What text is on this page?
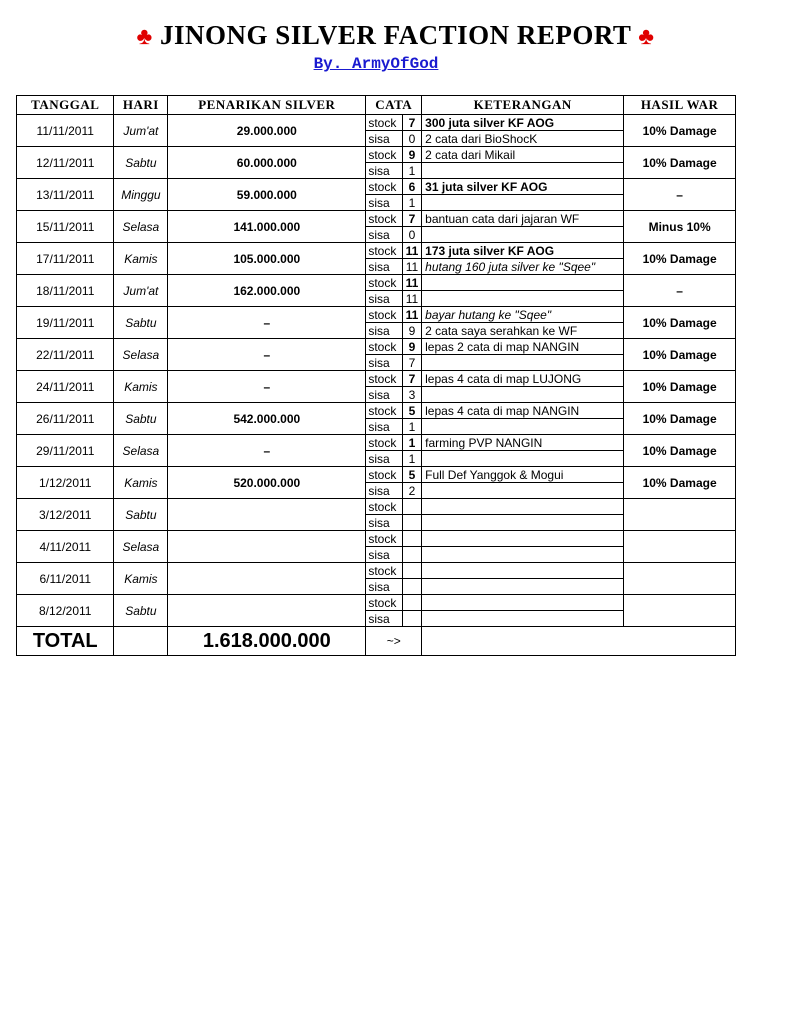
♣ JINONG SILVER FACTION REPORT ♣
By. ArmyOfGod
TANGGAL	HARI	PENARIKAN SILVER	CATA		KETERANGAN	HASIL WAR
11/11/2011	Jum'at	29.000.000	stock	7	300 juta silver KF AOG	10% Damage
			sisa	0	2 cata dari BioShocK	
12/11/2011	Sabtu	60.000.000	stock	9	2 cata dari Mikail	10% Damage
			sisa	1		
13/11/2011	Minggu	59.000.000	stock	6	31 juta silver KF AOG	–
			sisa	1		
15/11/2011	Selasa	141.000.000	stock	7	bantuan cata dari jajaran WF	Minus 10%
			sisa	0		
17/11/2011	Kamis	105.000.000	stock	11	173 juta silver KF AOG	10% Damage
			sisa	11	hutang 160 juta silver ke "Sqee"	
18/11/2011	Jum'at	162.000.000	stock	11		–
			sisa	11		
19/11/2011	Sabtu	–	stock	11	bayar hutang ke "Sqee"	10% Damage
			sisa	9	2 cata saya serahkan ke WF	
22/11/2011	Selasa	–	stock	9	lepas 2 cata di map NANGIN	10% Damage
			sisa	7		
24/11/2011	Kamis	–	stock	7	lepas 4 cata di map LUJONG	10% Damage
			sisa	3		
26/11/2011	Sabtu	542.000.000	stock	5	lepas 4 cata di map NANGIN	10% Damage
			sisa	1		
29/11/2011	Selasa	–	stock	1	farming PVP NANGIN	10% Damage
			sisa	1		
1/12/2011	Kamis	520.000.000	stock	5	Full Def Yanggok & Mogui	10% Damage
			sisa	2		
3/12/2011	Sabtu		stock			
			sisa			
4/11/2011	Selasa		stock			
			sisa			
6/11/2011	Kamis		stock			
			sisa			
8/12/2011	Sabtu		stock			
			sisa			
TOTAL		1.618.000.000	~>			
